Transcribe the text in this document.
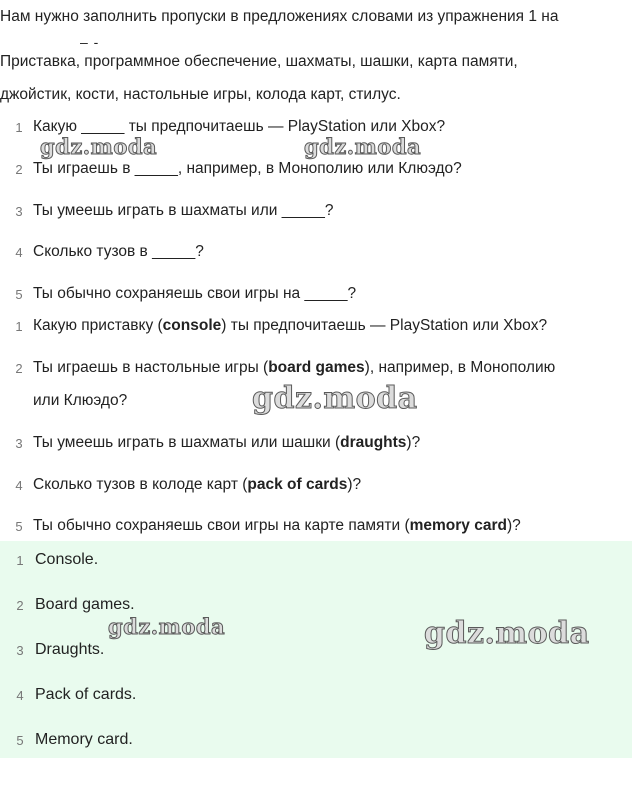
Нам нужно заполнить пропуски в предложениях словами из упражнения 1 на
– -
Приставка, программное обеспечение, шахматы, шашки, карта памяти,
джойстик, кости, настольные игры, колода карт, стилус.
1 Какую _____ ты предпочитаешь — PlayStation или Xbox?
2 Ты играешь в _____, например, в Монополию или Клюэдо?
3 Ты умеешь играть в шахматы или _____?
4 Сколько тузов в _____?
5 Ты обычно сохраняешь свои игры на _____?
1 Какую приставку (console) ты предпочитаешь — PlayStation или Xbox?
2 Ты играешь в настольные игры (board games), например, в Монополию
или Клюэдо?
3 Ты умеешь играть в шахматы или шашки (draughts)?
4 Сколько тузов в колоде карт (pack of cards)?
5 Ты обычно сохраняешь свои игры на карте памяти (memory card)?
1 Console.
2 Board games.
3 Draughts.
4 Pack of cards.
5 Memory card.
gdz.moda	gdz.moda
gdz.moda
gdz.moda	gdz.moda
